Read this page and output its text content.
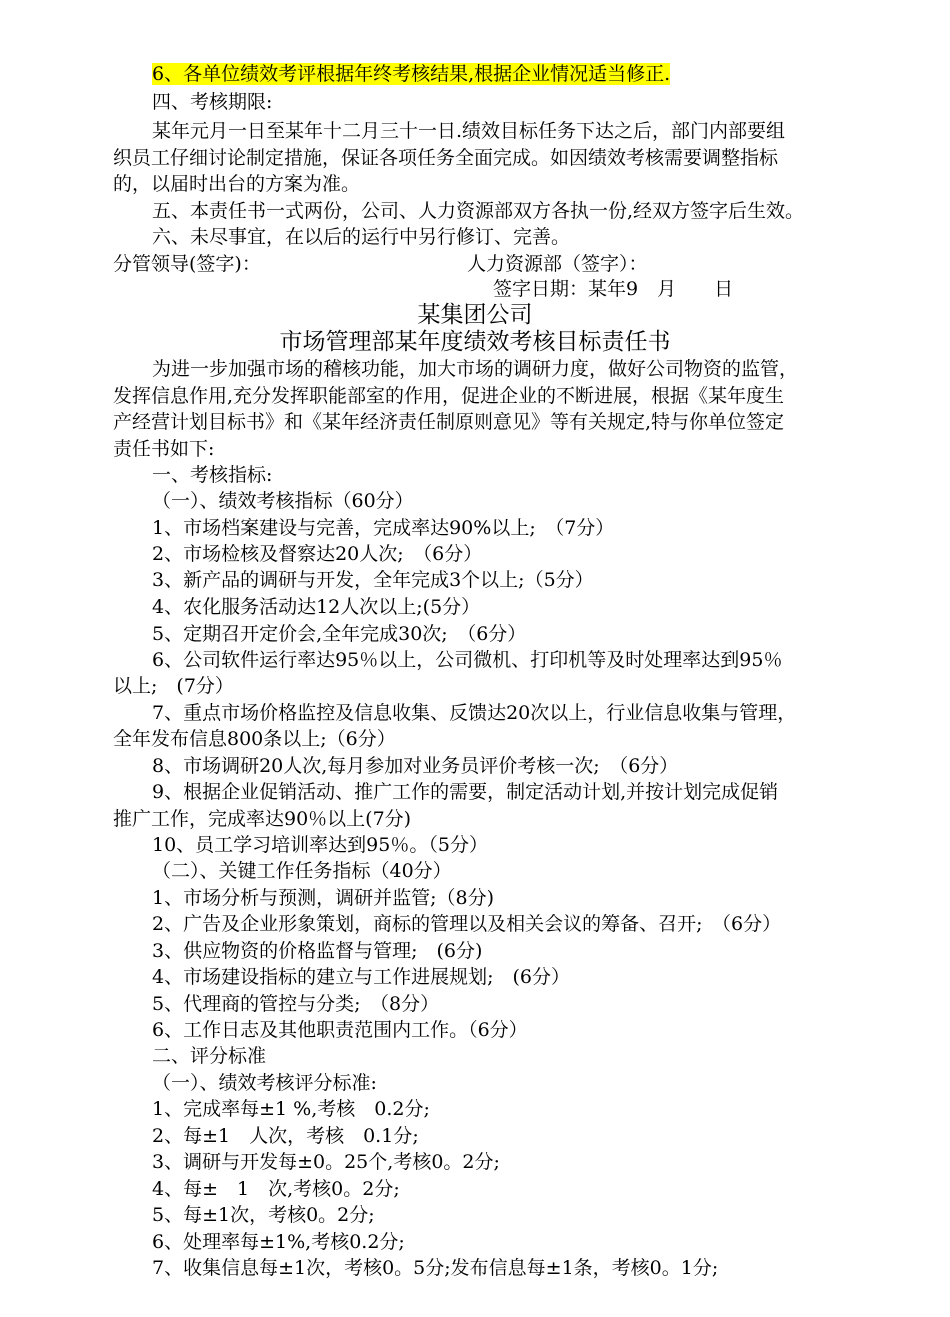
6、各单位绩效考评根据年终考核结果,根据企业情况适当修正.
四、考核期限:
某年元月一日至某年十二月三十一日.绩效目标任务下达之后，部门内部要组
织员工仔细讨论制定措施，保证各项任务全面完成。如因绩效考核需要调整指标
的，以届时出台的方案为准。
五、本责任书一式两份，公司、人力资源部双方各执一份,经双方签字后生效。
六、未尽事宜，在以后的运行中另行修订、完善。
分管领导(签字)：	人力资源部（签字）：
签字日期：某年9　月　　日
某集团公司
市场管理部某年度绩效考核目标责任书
为进一步加强市场的稽核功能，加大市场的调研力度，做好公司物资的监管，
发挥信息作用,充分发挥职能部室的作用，促进企业的不断进展，根据《某年度生
产经营计划目标书》和《某年经济责任制原则意见》等有关规定,特与你单位签定
责任书如下:
一、考核指标:
（一）、绩效考核指标（60分）
1、市场档案建设与完善，完成率达90%以上;　（7分）
2、市场检核及督察达20人次;　（6分）
3、新产品的调研与开发，全年完成3个以上;（5分）
4、农化服务活动达12人次以上;(5分）
5、定期召开定价会,全年完成30次;　（6分）
6、公司软件运行率达95％以上，公司微机、打印机等及时处理率达到95％
以上;　(7分）
7、重点市场价格监控及信息收集、反馈达20次以上，行业信息收集与管理，
全年发布信息800条以上;（6分）
8、市场调研20人次,每月参加对业务员评价考核一次;　（6分）
9、根据企业促销活动、推广工作的需要，制定活动计划,并按计划完成促销
推广工作，完成率达90％以上(7分)
10、员工学习培训率达到95％。（5分）
（二）、关键工作任务指标（40分）
1、市场分析与预测，调研并监管;（8分)
2、广告及企业形象策划，商标的管理以及相关会议的筹备、召开;　（6分）
3、供应物资的价格监督与管理;　(6分)
4、市场建设指标的建立与工作进展规划;　(6分）
5、代理商的管控与分类;　（8分）
6、工作日志及其他职责范围内工作。（6分）
二、评分标准
（一）、绩效考核评分标准:
1、完成率每±1 %,考核　0.2分;
2、每±1　人次，考核　0.1分;
3、调研与开发每±0。25个,考核0。2分;
4、每±　1　次,考核0。2分;
5、每±1次，考核0。2分;
6、处理率每±1%,考核0.2分;
7、收集信息每±1次，考核0。5分;发布信息每±1条，考核0。1分;
